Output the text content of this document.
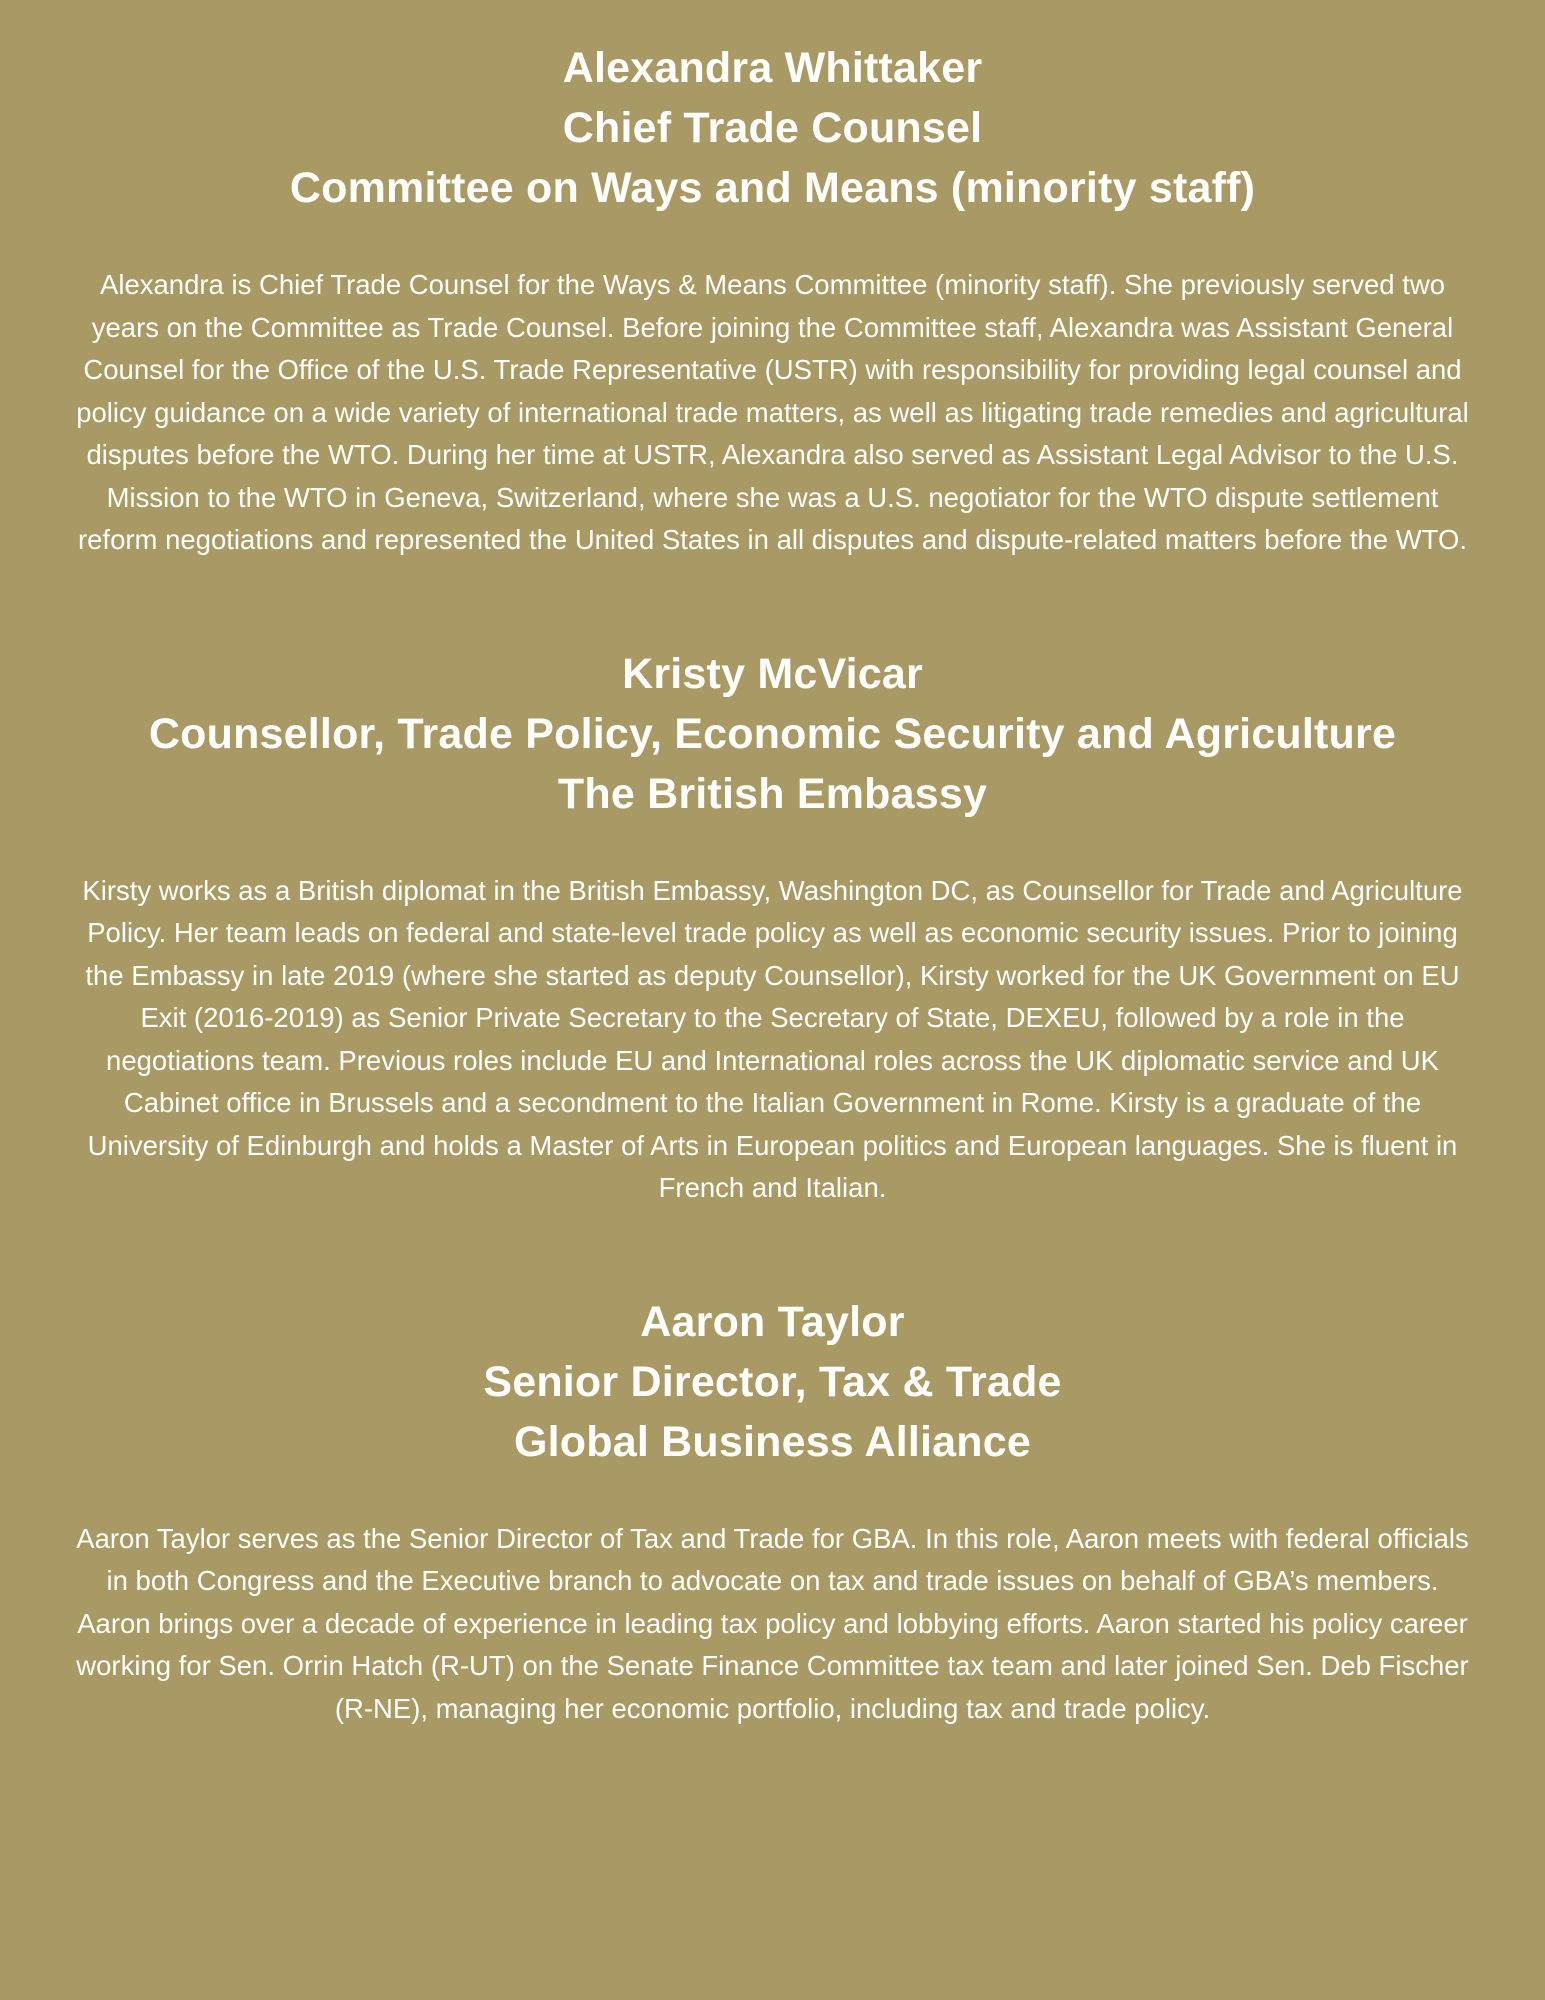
Alexandra Whittaker
Chief Trade Counsel
Committee on Ways and Means (minority staff)

Alexandra is Chief Trade Counsel for the Ways & Means Committee (minority staff). She previously served two years on the Committee as Trade Counsel. Before joining the Committee staff, Alexandra was Assistant General Counsel for the Office of the U.S. Trade Representative (USTR) with responsibility for providing legal counsel and policy guidance on a wide variety of international trade matters, as well as litigating trade remedies and agricultural disputes before the WTO. During her time at USTR, Alexandra also served as Assistant Legal Advisor to the U.S. Mission to the WTO in Geneva, Switzerland, where she was a U.S. negotiator for the WTO dispute settlement reform negotiations and represented the United States in all disputes and dispute-related matters before the WTO.

Kristy McVicar
Counsellor, Trade Policy, Economic Security and Agriculture
The British Embassy

Kirsty works as a British diplomat in the British Embassy, Washington DC, as Counsellor for Trade and Agriculture Policy. Her team leads on federal and state-level trade policy as well as economic security issues. Prior to joining the Embassy in late 2019 (where she started as deputy Counsellor), Kirsty worked for the UK Government on EU Exit (2016-2019) as Senior Private Secretary to the Secretary of State, DEXEU, followed by a role in the negotiations team. Previous roles include EU and International roles across the UK diplomatic service and UK Cabinet office in Brussels and a secondment to the Italian Government in Rome. Kirsty is a graduate of the University of Edinburgh and holds a Master of Arts in European politics and European languages. She is fluent in French and Italian.

Aaron Taylor
Senior Director, Tax & Trade
Global Business Alliance

Aaron Taylor serves as the Senior Director of Tax and Trade for GBA. In this role, Aaron meets with federal officials in both Congress and the Executive branch to advocate on tax and trade issues on behalf of GBA’s members. Aaron brings over a decade of experience in leading tax policy and lobbying efforts. Aaron started his policy career working for Sen. Orrin Hatch (R-UT) on the Senate Finance Committee tax team and later joined Sen. Deb Fischer (R-NE), managing her economic portfolio, including tax and trade policy.
